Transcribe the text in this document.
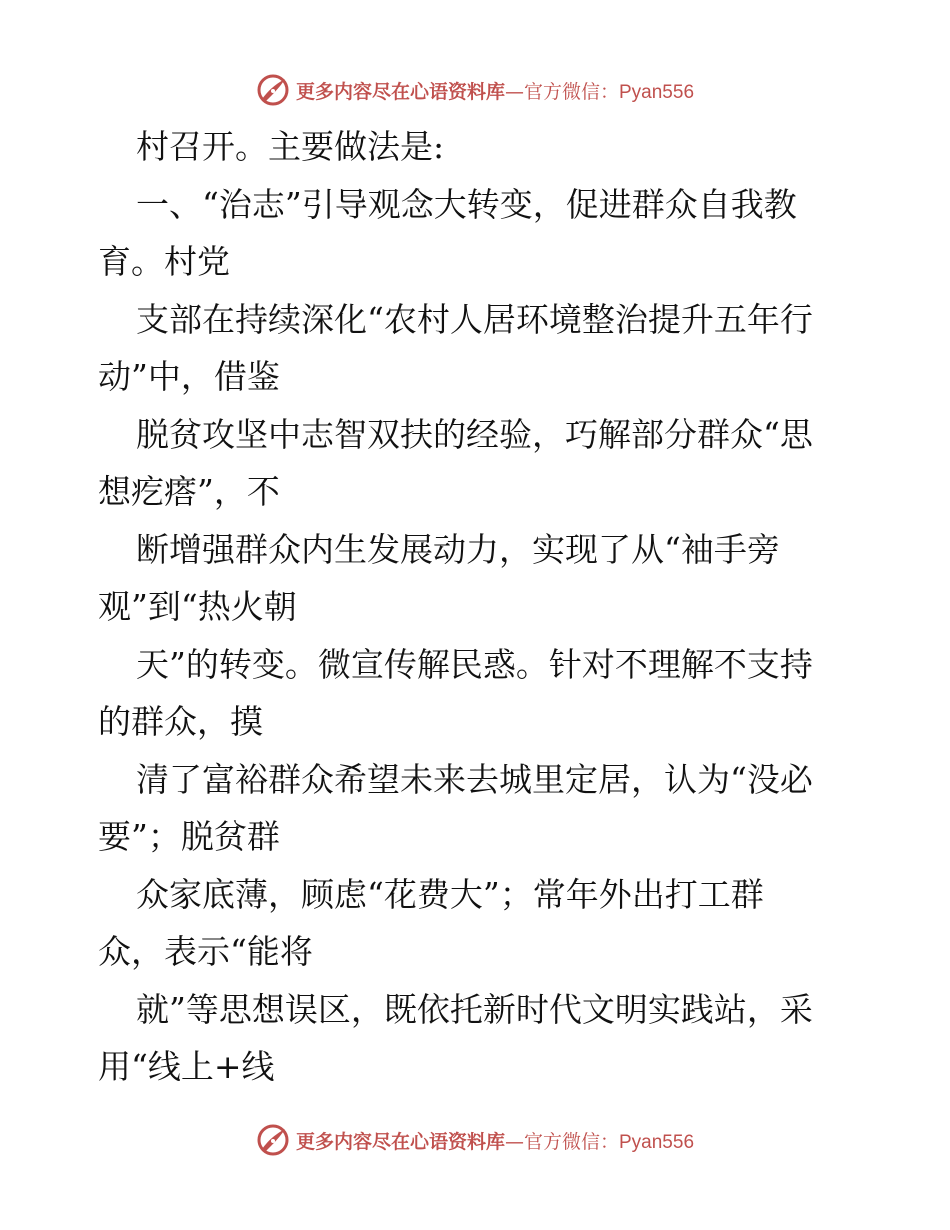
更多内容尽在心语资料库—官方微信：Pyan556
村召开。主要做法是:
一、“治志”引导观念大转变，促进群众自我教
育。村党
支部在持续深化“农村人居环境整治提升五年行
动”中，借鉴
脱贫攻坚中志智双扶的经验，巧解部分群众“思
想疙瘩”，不
断增强群众内生发展动力，实现了从“袖手旁
观”到“热火朝
天”的转变。微宣传解民惑。针对不理解不支持
的群众，摸
清了富裕群众希望未来去城里定居，认为“没必
要”；脱贫群
众家底薄，顾虑“花费大”；常年外出打工群
众，表示“能将
就”等思想误区，既依托新时代文明实践站，采
用“线上+线
更多内容尽在心语资料库—官方微信：Pyan556
